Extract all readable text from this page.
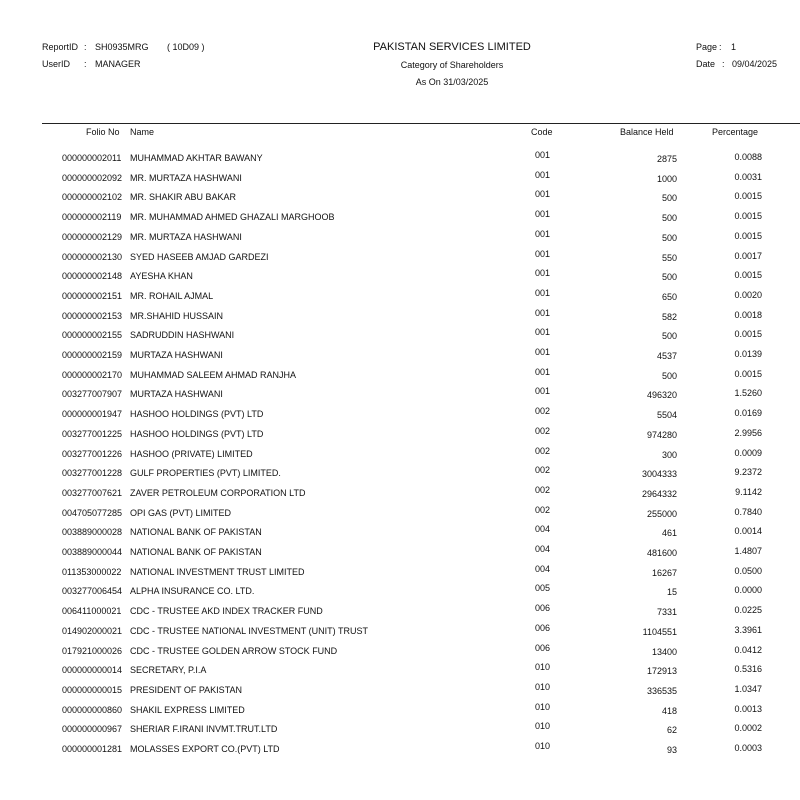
ReportID : SH0935MRG ( 10D09 )
UserID : MANAGER
PAKISTAN SERVICES LIMITED
Category of Shareholders
As On 31/03/2025
Page : 1
Date : 09/04/2025
Folio No Name	Code	Balance Held	Percentage
000000002011 MUHAMMAD AKHTAR BAWANY	001	2875	0.0088
000000002092 MR. MURTAZA HASHWANI	001	1000	0.0031
000000002102 MR. SHAKIR ABU BAKAR	001	500	0.0015
000000002119 MR. MUHAMMAD AHMED GHAZALI MARGHOOB	001	500	0.0015
000000002129 MR. MURTAZA HASHWANI	001	500	0.0015
000000002130 SYED HASEEB AMJAD GARDEZI	001	550	0.0017
000000002148 AYESHA KHAN	001	500	0.0015
000000002151 MR. ROHAIL AJMAL	001	650	0.0020
000000002153 MR.SHAHID HUSSAIN	001	582	0.0018
000000002155 SADRUDDIN HASHWANI	001	500	0.0015
000000002159 MURTAZA HASHWANI	001	4537	0.0139
000000002170 MUHAMMAD SALEEM AHMAD RANJHA	001	500	0.0015
003277007907 MURTAZA HASHWANI	001	496320	1.5260
000000001947 HASHOO HOLDINGS (PVT) LTD	002	5504	0.0169
003277001225 HASHOO HOLDINGS (PVT) LTD	002	974280	2.9956
003277001226 HASHOO (PRIVATE) LIMITED	002	300	0.0009
003277001228 GULF PROPERTIES (PVT) LIMITED.	002	3004333	9.2372
003277007621 ZAVER PETROLEUM CORPORATION LTD	002	2964332	9.1142
004705077285 OPI GAS (PVT) LIMITED	002	255000	0.7840
003889000028 NATIONAL BANK OF PAKISTAN	004	461	0.0014
003889000044 NATIONAL BANK OF PAKISTAN	004	481600	1.4807
011353000022 NATIONAL INVESTMENT TRUST LIMITED	004	16267	0.0500
003277006454 ALPHA INSURANCE CO. LTD.	005	15	0.0000
006411000021 CDC - TRUSTEE AKD INDEX TRACKER FUND	006	7331	0.0225
014902000021 CDC - TRUSTEE NATIONAL INVESTMENT (UNIT) TRUST	006	1104551	3.3961
017921000026 CDC - TRUSTEE GOLDEN ARROW STOCK FUND	006	13400	0.0412
000000000014 SECRETARY, P.I.A	010	172913	0.5316
000000000015 PRESIDENT OF PAKISTAN	010	336535	1.0347
000000000860 SHAKIL EXPRESS LIMITED	010	418	0.0013
000000000967 SHERIAR F.IRANI INVMT.TRUT.LTD	010	62	0.0002
000000001281 MOLASSES EXPORT CO.(PVT) LTD	010	93	0.0003
